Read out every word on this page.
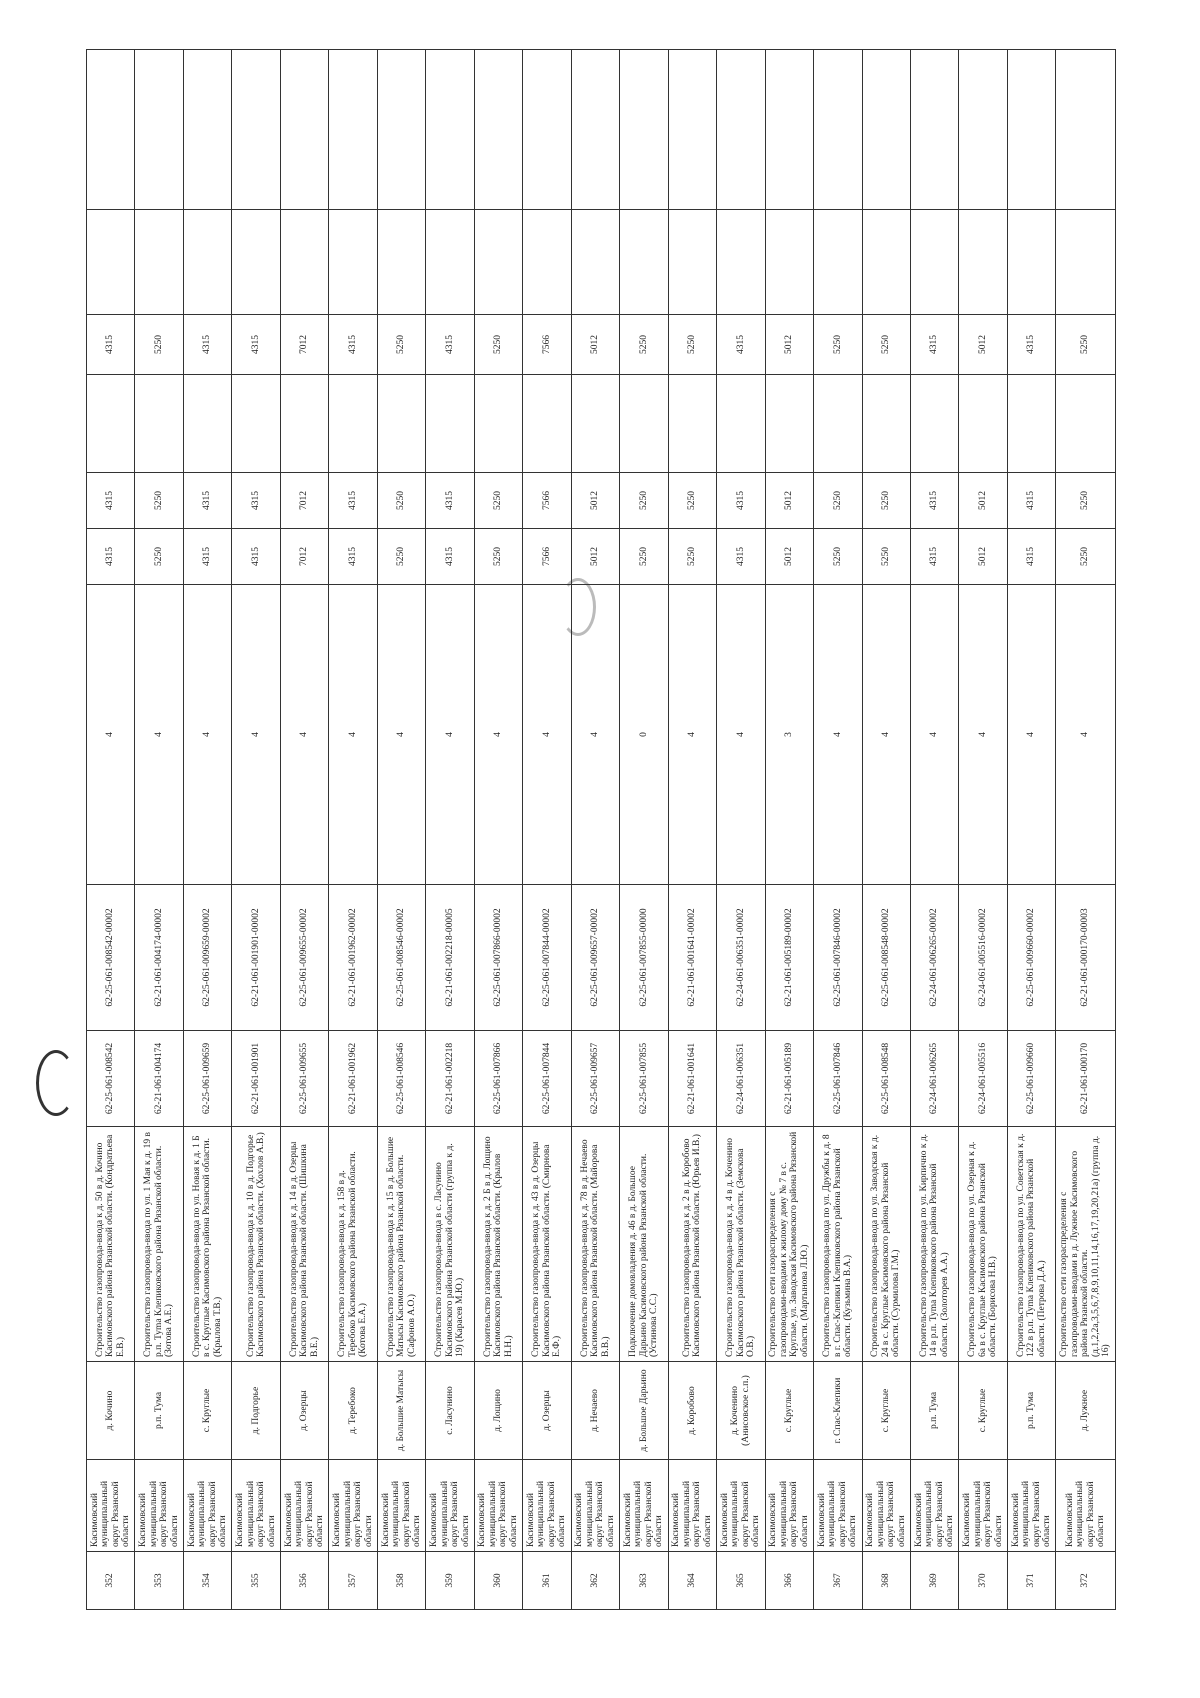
352	Касимовский муниципальный округ Рязанской области	д. Кочино	Строительство газопровода-ввода к д. 50 в д. Кочино Касимовского района Рязанской области. (Кондратьева Е.В.)	62-25-061-008542	62-25-061-008542-00002	4	4315	4315		4315		
353	Касимовский муниципальный округ Рязанской области	р.п. Тума	Строительство газопровода-ввода по ул. 1 Мая к д. 19 в р.п. Туma Клепиковского района Рязанской области. (Зотова А.Е.)	62-21-061-004174	62-21-061-004174-00002	4	5250	5250		5250		
354	Касимовский муниципальный округ Рязанской области	с. Круглые	Строительство газопровода-ввода по ул. Новая к д. 1 Б в с. Круглые Касимовского района Рязанской области. (Крылова Т.В.)	62-25-061-009659	62-25-061-009659-00002	4	4315	4315		4315		
355	Касимовский муниципальный округ Рязанской области	д. Подгорье	Строительство газопровода-ввода к д. 10 в д. Подгорье Касимовского района Рязанской области. (Хохлов А.В.)	62-21-061-001901	62-21-061-001901-00002	4	4315	4315		4315		
356	Касимовский муниципальный округ Рязанской области	д. Озерцы	Строительство газопровода-ввода к д. 14 в д. Озерцы Касимовского района Рязанской области. (Шишкина В.Е.)	62-25-061-009655	62-25-061-009655-00002	4	7012	7012		7012		
357	Касимовский муниципальный округ Рязанской области	д. Теребоко	Строительство газопровода-ввода к д. 158 в д. Теребоко Касимовского района Рязанской области. (Котова Е.А.)	62-21-061-001962	62-21-061-001962-00002	4	4315	4315		4315		
358	Касимовский муниципальный округ Рязанской области	д. Большие Матысы	Строительство газопровода-ввода к д. 15 в д. Большие Матысы Касимовского района Рязанской области. (Сафонов А.О.)	62-25-061-008546	62-25-061-008546-00002	4	5250	5250		5250		
359	Касимовский муниципальный округ Рязанской области	с. Ласунино	Строительство газопровода-ввода в с. Ласунино Касимовского района Рязанской области (группа к д. 19) (Карасев М.Ю.)	62-21-061-002218	62-21-061-002218-00005	4	4315	4315		4315		
360	Касимовский муниципальный округ Рязанской области	д. Лощино	Строительство газопровода-ввода к д. 2 Б в д. Лощино Касимовского района Рязанской области. (Крылов Н.Н.)	62-25-061-007866	62-25-061-007866-00002	4	5250	5250		5250		
361	Касимовский муниципальный округ Рязанской области	д. Озерцы	Строительство газопровода-ввода к д. 43 в д. Озерцы Касимовского района Рязанской области. (Смирнова Е.Ф.)	62-25-061-007844	62-25-061-007844-00002	4	7566	7566		7566		
362	Касимовский муниципальный округ Рязанской области	д. Нечаево	Строительство газопровода-ввода к д. 78 в д. Нечаево Касимовского района Рязанской области. (Майорова В.В.)	62-25-061-009657	62-25-061-009657-00002	4	5012	5012		5012		
363	Касимовский муниципальный округ Рязанской области	д. Большое Дарьино	Подключение домовладения д. 46 в д. Большое Дарьино Касимовского района Рязанской области. (Устинова С.С.)	62-25-061-007855	62-25-061-007855-00000	0	5250	5250		5250		
364	Касимовский муниципальный округ Рязанской области	д. Коробово	Строительство газопровода-ввода к д. 2 в д. Коробово Касимовского района Рязанской области. (Юрьев И.В.)	62-21-061-001641	62-21-061-001641-00002	4	5250	5250		5250		
365	Касимовский муниципальный округ Рязанской области	д. Коченино (Анисовское с.п.)	Строительство газопровода-ввода к д. 4 в д. Коченино Касимовского района Рязанской области. (Земскова О.В.)	62-24-061-006351	62-24-061-006351-00002	4	4315	4315		4315		
366	Касимовский муниципальный округ Рязанской области	с. Круглые	Строительство сети газораспределения с газопроводами-вводами к жилому дому № 7 в с. Круглые, ул. Заводская Касимовского района Рязанской области. (Мартынова Л.Ю.)	62-21-061-005189	62-21-061-005189-00002	3	5012	5012		5012		
367	Касимовский муниципальный округ Рязанской области	г. Спас-Клепики	Строительство газопровода-ввода по ул. Дружбы к д. 8 в г. Спас-Клепики Клепиковского района Рязанской области. (Кузьмина В.А.)	62-25-061-007846	62-25-061-007846-00002	4	5250	5250		5250		
368	Касимовский муниципальный округ Рязанской области	с. Круглые	Строительство газопровода-ввода по ул. Заводская к д. 24 в с. Круглые Касимовского района Рязанской области. (Сурмилова Г.М.)	62-25-061-008548	62-25-061-008548-00002	4	5250	5250		5250		
369	Касимовский муниципальный округ Рязанской области	р.п. Тума	Строительство газопровода-ввода по ул. Кирпично к д. 14 в р.п. Туma Клепиковского района Рязанской области. (Золоторев А.А.)	62-24-061-006265	62-24-061-006265-00002	4	4315	4315		4315		
370	Касимовский муниципальный округ Рязанской области	с. Круглые	Строительство газопровода-ввода по ул. Озерная к д. 6а в с. Круглые Касимовского района Рязанской области. (Борисова Н.В.)	62-24-061-005516	62-24-061-005516-00002	4	5012	5012		5012		
371	Касимовский муниципальный округ Рязанской области	р.п. Тума	Строительство газопровода-ввода по ул. Советская к д. 122 в р.п. Туma Клепиковского района Рязанской области. (Петрова Д.А.)	62-25-061-009660	62-25-061-009660-00002	4	4315	4315		4315		
372	Касимовский муниципальный округ Рязанской области	д. Лужное	Строительство сети газораспределения с газопроводами-вводами в д. Лужное Касимовского района Рязанской области. (д.1,2,2а,3,5,6,7,8,9,10,11,14,16,17,19,20,21а) (группа д. 16)	62-21-061-000170	62-21-061-000170-00003	4	5250	5250		5250		
